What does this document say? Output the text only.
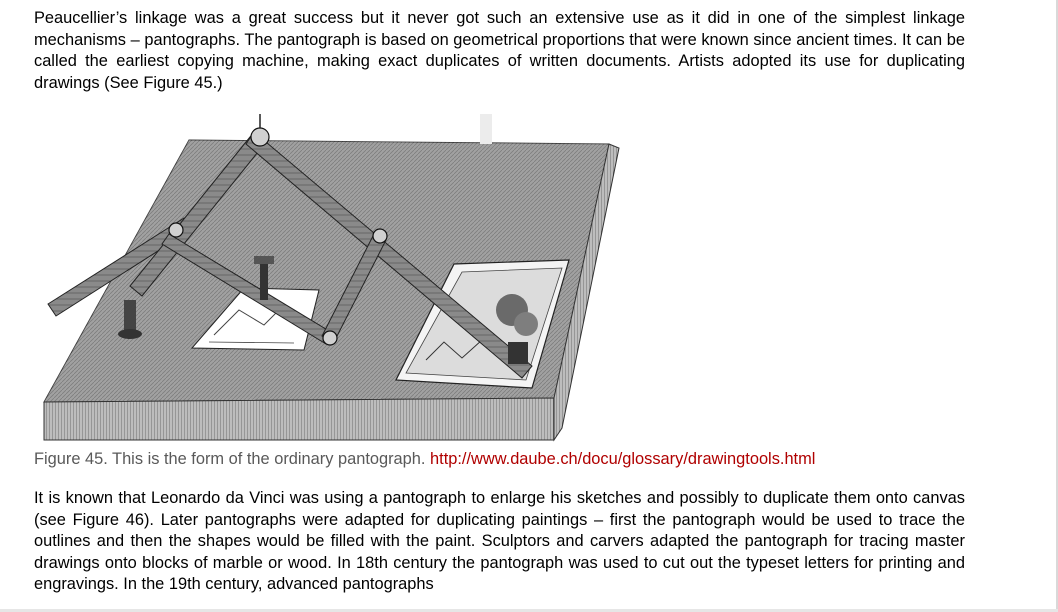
Peaucellier’s linkage was a great success but it never got such an extensive use as it did in one of the simplest linkage mechanisms – pantographs. The pantograph is based on geometrical proportions that were known since ancient times. It can be called the earliest copying machine, making exact duplicates of written documents. Artists adopted its use for duplicating drawings (See Figure 45.)

Figure 45. This is the form of the ordinary pantograph. http://www.daube.ch/docu/glossary/drawingtools.html

It is known that Leonardo da Vinci was using a pantograph to enlarge his sketches and possibly to duplicate them onto canvas (see Figure 46). Later pantographs were adapted for duplicating paintings – first the pantograph would be used to trace the outlines and then the shapes would be filled with the paint. Sculptors and carvers adapted the pantograph for tracing master drawings onto blocks of marble or wood. In 18th century the pantograph was used to cut out the typeset letters for printing and engravings. In the 19th century, advanced pantographs
